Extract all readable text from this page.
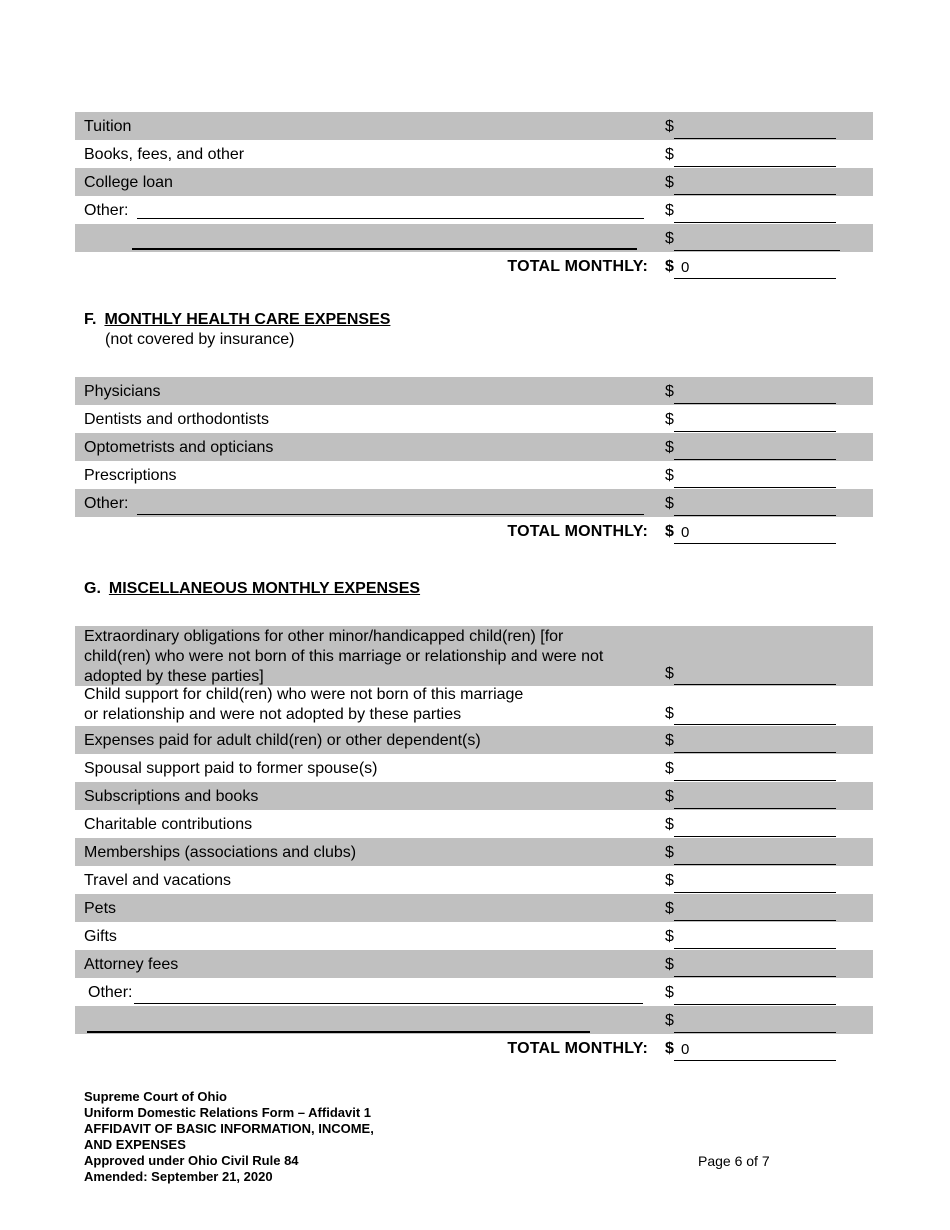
Tuition	$
Books, fees, and other	$
College loan	$
Other:	$
$
TOTAL MONTHLY: $ 0
F. MONTHLY HEALTH CARE EXPENSES
(not covered by insurance)
Physicians	$
Dentists and orthodontists	$
Optometrists and opticians	$
Prescriptions	$
Other:	$
TOTAL MONTHLY: $ 0
G. MISCELLANEOUS MONTHLY EXPENSES
Extraordinary obligations for other minor/handicapped child(ren) [for
child(ren) who were not born of this marriage or relationship and were not
adopted by these parties]	$
Child support for child(ren) who were not born of this marriage
or relationship and were not adopted by these parties	$
Expenses paid for adult child(ren) or other dependent(s)	$
Spousal support paid to former spouse(s)	$
Subscriptions and books	$
Charitable contributions	$
Memberships (associations and clubs)	$
Travel and vacations	$
Pets	$
Gifts	$
Attorney fees	$
Other:	$
$
TOTAL MONTHLY: $ 0
Supreme Court of Ohio
Uniform Domestic Relations Form – Affidavit 1
AFFIDAVIT OF BASIC INFORMATION, INCOME,
AND EXPENSES
Approved under Ohio Civil Rule 84
Amended: September 21, 2020
Page 6 of 7
